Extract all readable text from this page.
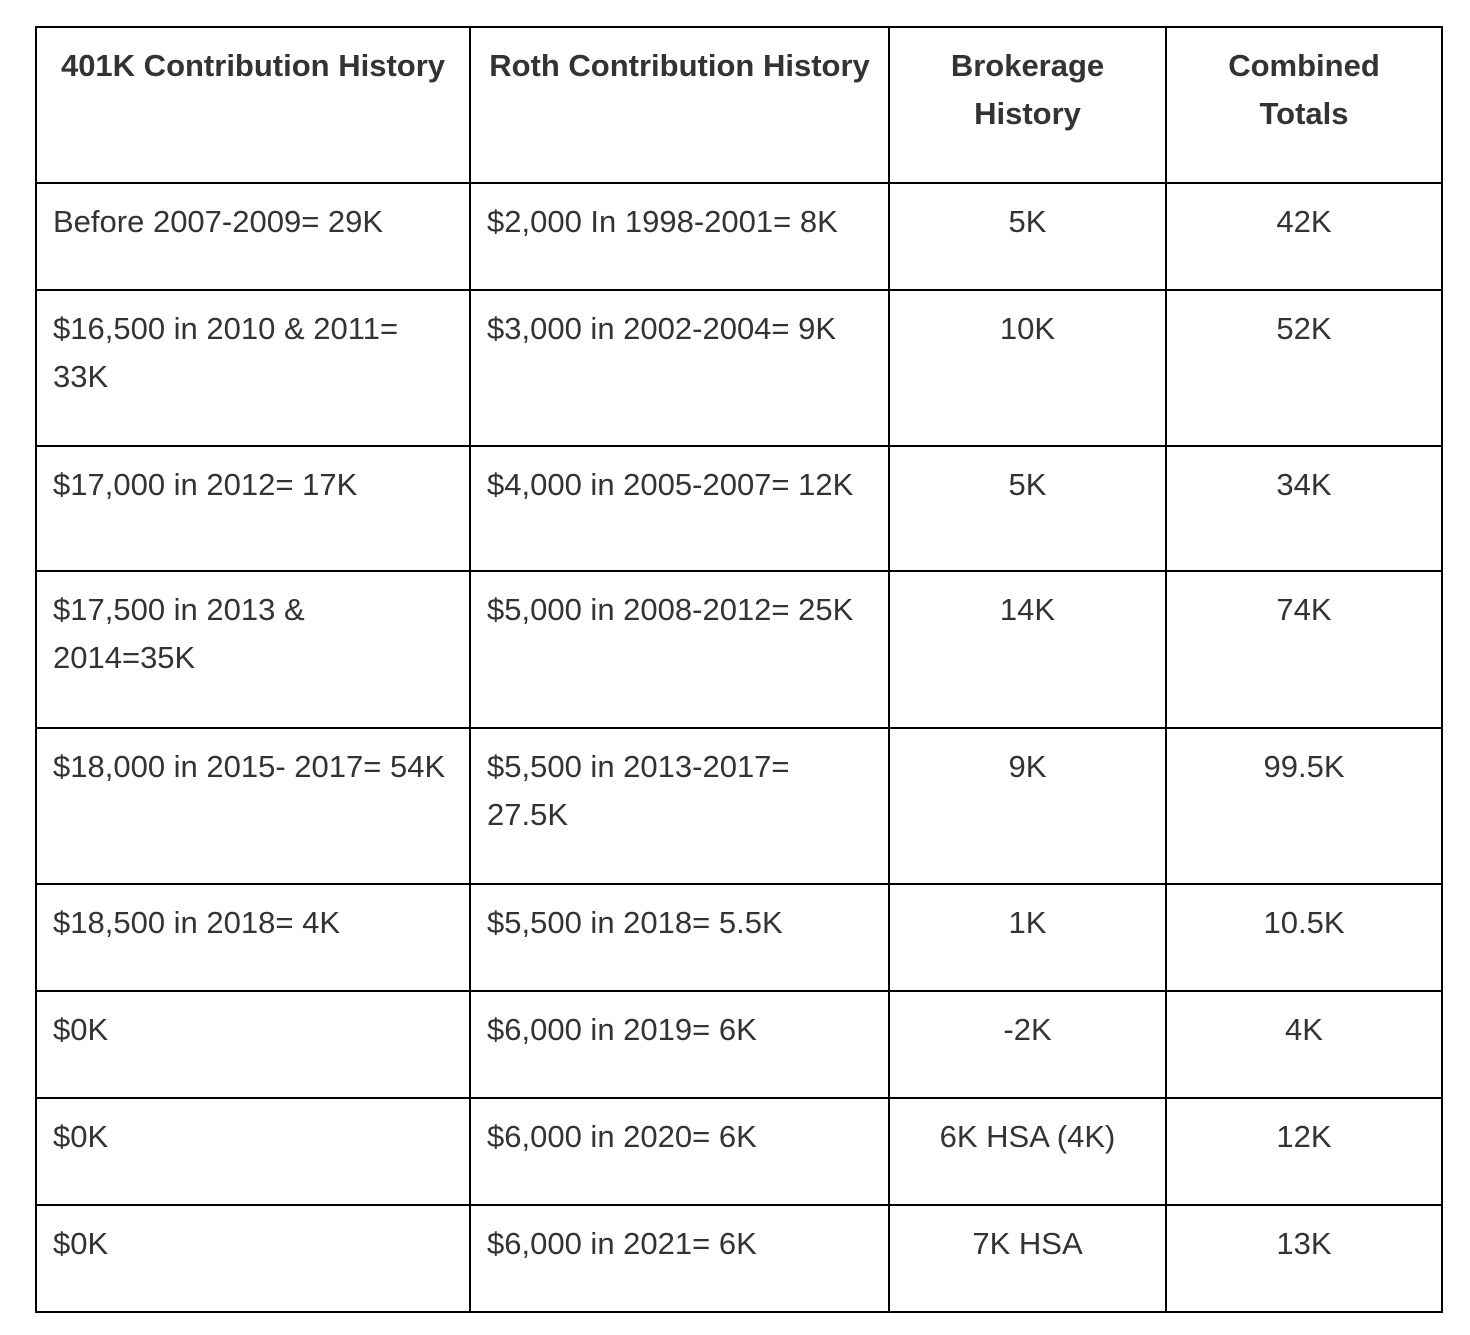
401K Contribution History	Roth Contribution History	Brokerage History	Combined Totals
Before 2007-2009= 29K	$2,000 In 1998-2001= 8K	5K	42K
$16,500 in 2010 & 2011= 33K	$3,000 in 2002-2004= 9K	10K	52K
$17,000 in 2012= 17K	$4,000 in 2005-2007= 12K	5K	34K
$17,500 in 2013 & 2014=35K	$5,000 in 2008-2012= 25K	14K	74K
$18,000 in 2015- 2017= 54K	$5,500 in 2013-2017= 27.5K	9K	99.5K
$18,500 in 2018= 4K	$5,500 in 2018= 5.5K	1K	10.5K
$0K	$6,000 in 2019= 6K	-2K	4K
$0K	$6,000 in 2020= 6K	6K HSA (4K)	12K
$0K	$6,000 in 2021= 6K	7K HSA	13K
